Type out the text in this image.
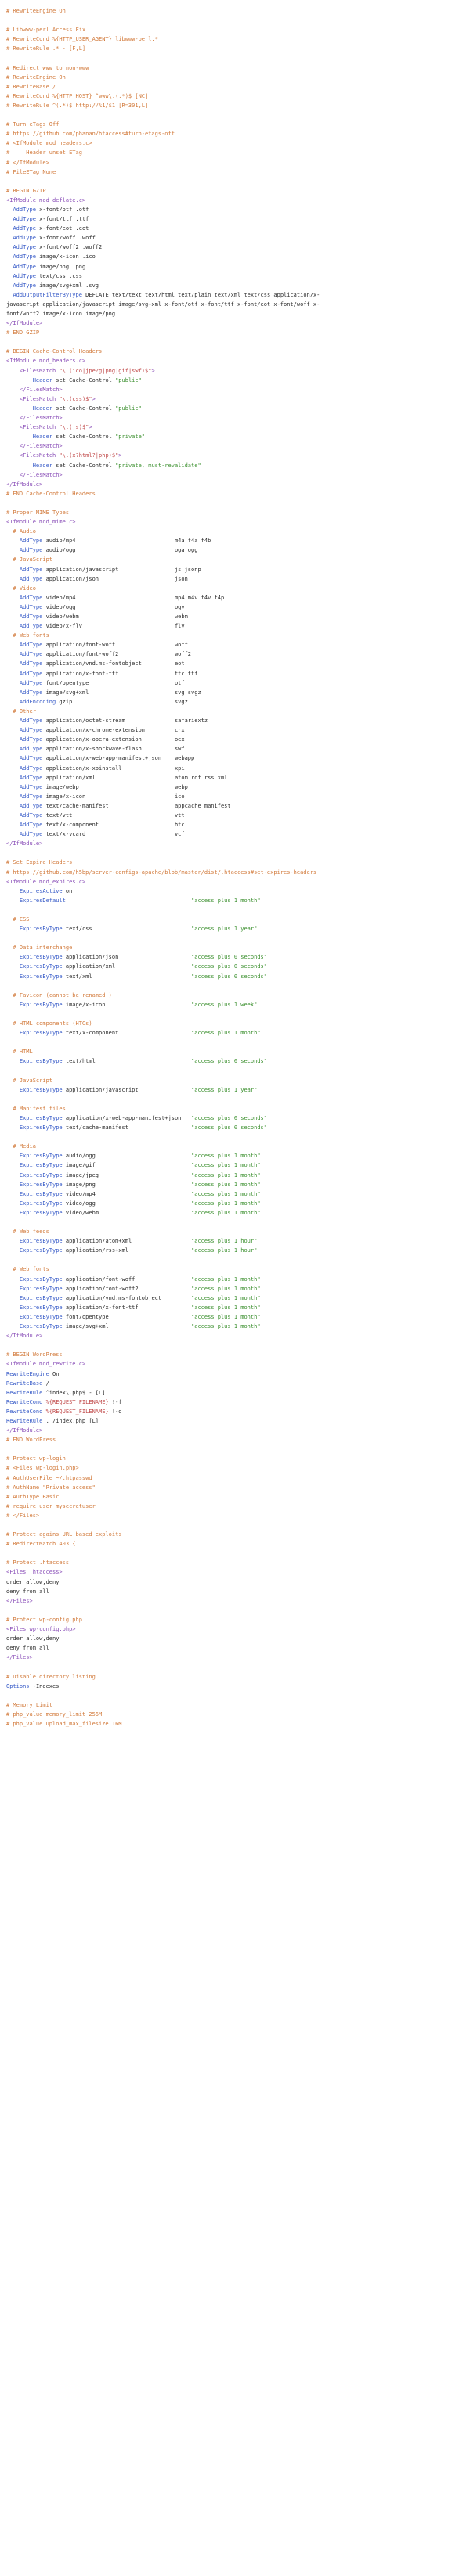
# RewriteEngine On
# Libwww-perl Access Fix
# RewriteCond %{HTTP_USER_AGENT} libwww-perl.*
# RewriteRule .* - [F,L]
# Redirect www to non-www
# RewriteEngine On
# RewriteBase /
# RewriteCond %{HTTP_HOST} ^www\.(.*)$ [NC]
# RewriteRule ^(.*)$ http://%1/$1 [R=301,L]
# Turn eTags Off
# https://github.com/phanan/htaccess#turn-etags-off
# <IfModule mod_headers.c>
#     Header unset ETag
# </IfModule>
# FileETag None
# BEGIN GZIP
<IfModule mod_deflate.c>
AddType x-font/otf .otf
AddType x-font/ttf .ttf
AddType x-font/eot .eot
AddType x-font/woff .woff
AddType x-font/woff2 .woff2
AddType image/x-icon .ico
AddType image/png .png
AddType text/css .css
AddType image/svg+xml .svg
AddOutputFilterByType DEFLATE text/text text/html text/plain text/xml text/css application/x-
javascript application/javascript image/svg+xml x-font/otf x-font/ttf x-font/eot x-font/woff x-
font/woff2 image/x-icon image/png
</IfModule>
# END GZIP
# BEGIN Cache-Control Headers
<IfModule mod_headers.c>
<FilesMatch "\.(ico|jpe?g|png|gif|swf)$">
Header set Cache-Control "public"
</FilesMatch>
<FilesMatch "\.(css)$">
Header set Cache-Control "public"
</FilesMatch>
<FilesMatch "\.(js)$">
Header set Cache-Control "private"
</FilesMatch>
<FilesMatch "\.(x?html?|php)$">
Header set Cache-Control "private, must-revalidate"
</FilesMatch>
</IfModule>
# END Cache-Control Headers
# Proper MIME Types
<IfModule mod_mime.c>
# Audio
AddType audio/mp4                              m4a f4a f4b
AddType audio/ogg                              oga ogg
# JavaScript
AddType application/javascript                 js jsonp
AddType application/json                       json
# Video
AddType video/mp4                              mp4 m4v f4v f4p
AddType video/ogg                              ogv
AddType video/webm                             webm
AddType video/x-flv                            flv
# Web fonts
AddType application/font-woff                  woff
AddType application/font-woff2                 woff2
AddType application/vnd.ms-fontobject          eot
AddType application/x-font-ttf                 ttc ttf
AddType font/opentype                          otf
AddType image/svg+xml                          svg svgz
AddEncoding gzip                               svgz
# Other
AddType application/octet-stream               safariextz
AddType application/x-chrome-extension         crx
AddType application/x-opera-extension          oex
AddType application/x-shockwave-flash          swf
AddType application/x-web-app-manifest+json    webapp
AddType application/x-xpinstall                xpi
AddType application/xml                        atom rdf rss xml
AddType image/webp                             webp
AddType image/x-icon                           ico
AddType text/cache-manifest                    appcache manifest
AddType text/vtt                               vtt
AddType text/x-component                       htc
AddType text/x-vcard                           vcf
</IfModule>
# Set Expire Headers
# https://github.com/h5bp/server-configs-apache/blob/master/dist/.htaccess#set-expires-headers
<IfModule mod_expires.c>
ExpiresActive on
ExpiresDefault	"access plus 1 month"
# CSS
ExpiresByType text/css                              "access plus 1 year"
# Data interchange
ExpiresByType application/json                      "access plus 0 seconds"
ExpiresByType application/xml                       "access plus 0 seconds"
ExpiresByType text/xml                              "access plus 0 seconds"
# Favicon (cannot be renamed!)
ExpiresByType image/x-icon                          "access plus 1 week"
# HTML components (HTCs)
ExpiresByType text/x-component                      "access plus 1 month"
# HTML
ExpiresByType text/html                             "access plus 0 seconds"
# JavaScript
ExpiresByType application/javascript                "access plus 1 year"
# Manifest files
ExpiresByType application/x-web-app-manifest+json   "access plus 0 seconds"
ExpiresByType text/cache-manifest                   "access plus 0 seconds"
# Media
ExpiresByType audio/ogg                             "access plus 1 month"
ExpiresByType image/gif                             "access plus 1 month"
ExpiresByType image/jpeg                            "access plus 1 month"
ExpiresByType image/png                             "access plus 1 month"
ExpiresByType video/mp4                             "access plus 1 month"
ExpiresByType video/ogg                             "access plus 1 month"
ExpiresByType video/webm                            "access plus 1 month"
# Web feeds
ExpiresByType application/atom+xml                  "access plus 1 hour"
ExpiresByType application/rss+xml                   "access plus 1 hour"
# Web fonts
ExpiresByType application/font-woff                 "access plus 1 month"
ExpiresByType application/font-woff2                "access plus 1 month"
ExpiresByType application/vnd.ms-fontobject         "access plus 1 month"
ExpiresByType application/x-font-ttf                "access plus 1 month"
ExpiresByType font/opentype                         "access plus 1 month"
ExpiresByType image/svg+xml                         "access plus 1 month"
</IfModule>
# BEGIN WordPress
<IfModule mod_rewrite.c>
RewriteEngine On
RewriteBase /
RewriteRule ^index\.php$ - [L]
RewriteCond %{REQUEST_FILENAME} !-f
RewriteCond %{REQUEST_FILENAME} !-d
RewriteRule . /index.php [L]
</IfModule>
# END WordPress
# Protect wp-login
# <Files wp-login.php>
# AuthUserFile ~/.htpasswd
# AuthName "Private access"
# AuthType Basic
# require user mysecretuser
# </Files>
# Protect agains URL based exploits
# RedirectMatch 403 {
# Protect .htaccess
<Files .htaccess>
order allow,deny
deny from all
</Files>
# Protect wp-config.php
<Files wp-config.php>
order allow,deny
deny from all
</Files>
# Disable directory listing
Options -Indexes
# Memory Limit
# php_value memory_limit 256M
# php_value upload_max_filesize 16M
